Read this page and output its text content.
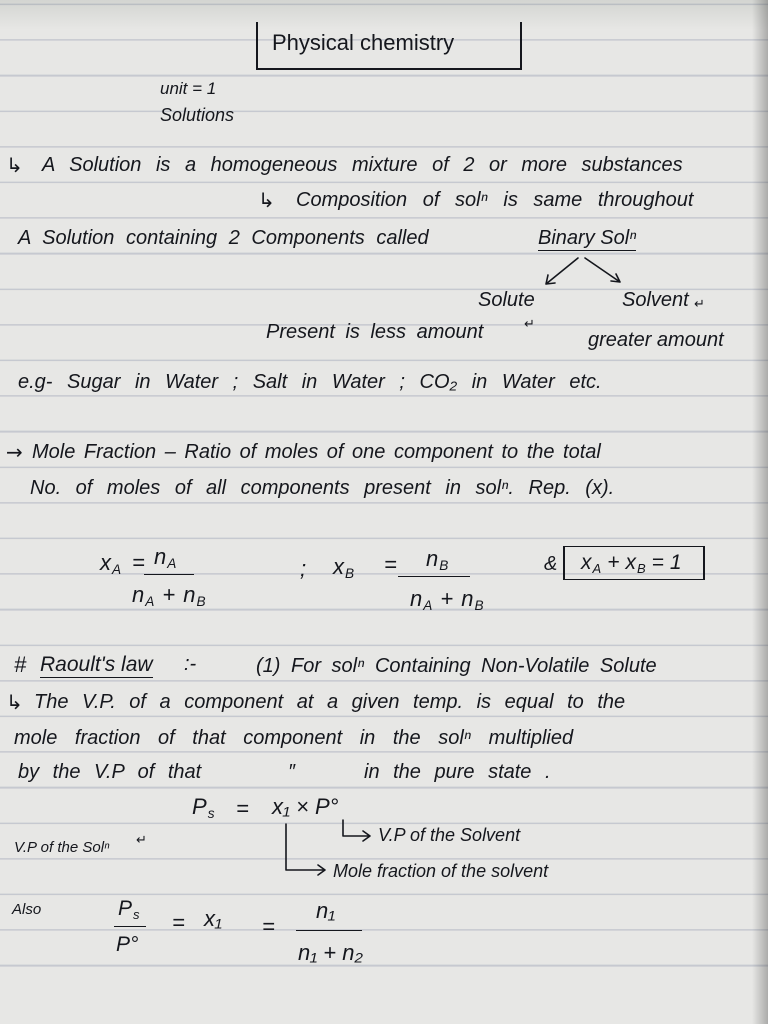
Physical chemistry
unit = 1
Solutions
↳
A Solution is a homogeneous mixture of 2 or more substances
↳
Composition of solⁿ is same throughout
A Solution containing 2 Components called	Binary Solⁿ
Solute	Solvent
↵
Present is less amount
↵	greater amount
e.g- Sugar in Water ; Salt in Water ; CO₂ in Water etc.
→
Mole Fraction – Ratio of moles of one component to the total
No. of moles of all components present in solⁿ. Rep. (x).
xA = nA
nA + nB
; xB = nB
nA + nB
& xA + xB = 1
# Raoult's law :-	(1) For solⁿ Containing Non-Volatile Solute
↳
The V.P. of a component at a given temp. is equal to the
mole fraction of that component in the solⁿ multiplied
by the V.P of that	″	in the pure state .
Ps = x₁ × P°
V.P of the Solⁿ
↵
V.P of the Solvent
Mole fraction of the solvent
Also	Ps
P°
= x₁ =
n₁
n₁ + n₂
